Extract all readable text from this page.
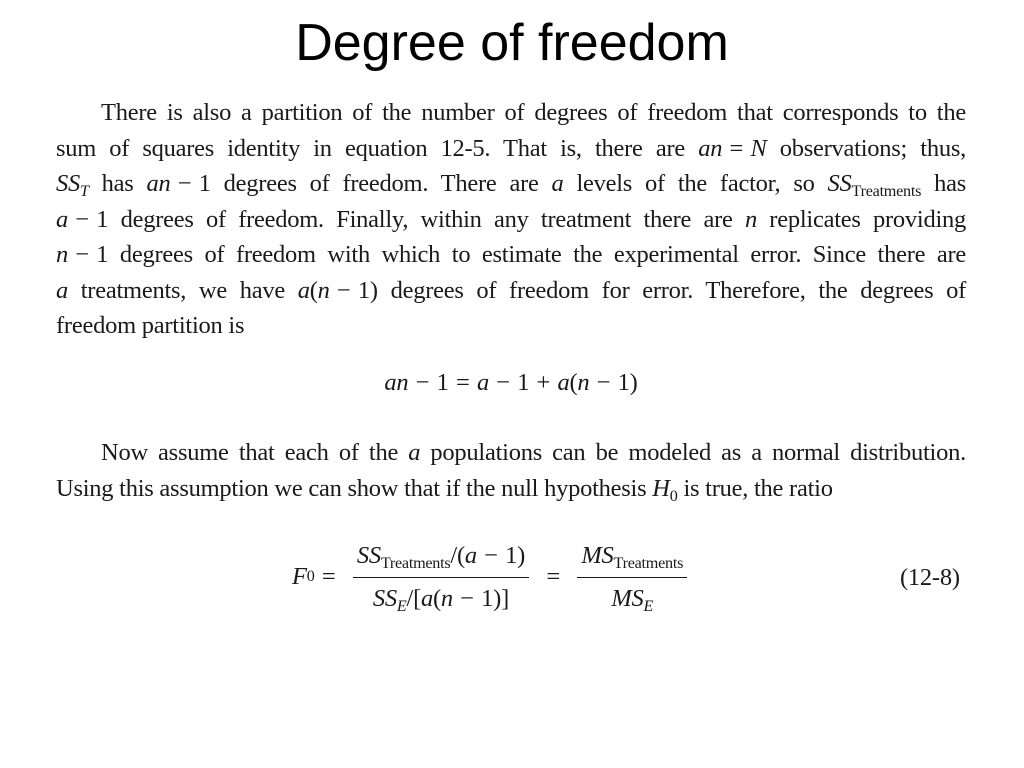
Degree of freedom
There is also a partition of the number of degrees of freedom that corresponds to the
sum of squares identity in equation 12-5. That is, there are an = N observations; thus,
$SS_T$ has an − 1 degrees of freedom. There are a levels of the factor, so $SS_{Treatments}$ has
a − 1 degrees of freedom. Finally, within any treatment there are n replicates providing
n − 1 degrees of freedom with which to estimate the experimental error. Since there are
a treatments, we have a(n − 1) degrees of freedom for error. Therefore, the degrees of
freedom partition is
an − 1 = a − 1 + a(n − 1)
Now assume that each of the a populations can be modeled as a normal distribution.
Using this assumption we can show that if the null hypothesis $H_0$ is true, the ratio
F $0 = \frac{SS_{Treatments}/(a - 1)}{SS_E/[a(n - 1)]} = \frac{MS_{Treatments}}{MS_E}$	(12-8)
